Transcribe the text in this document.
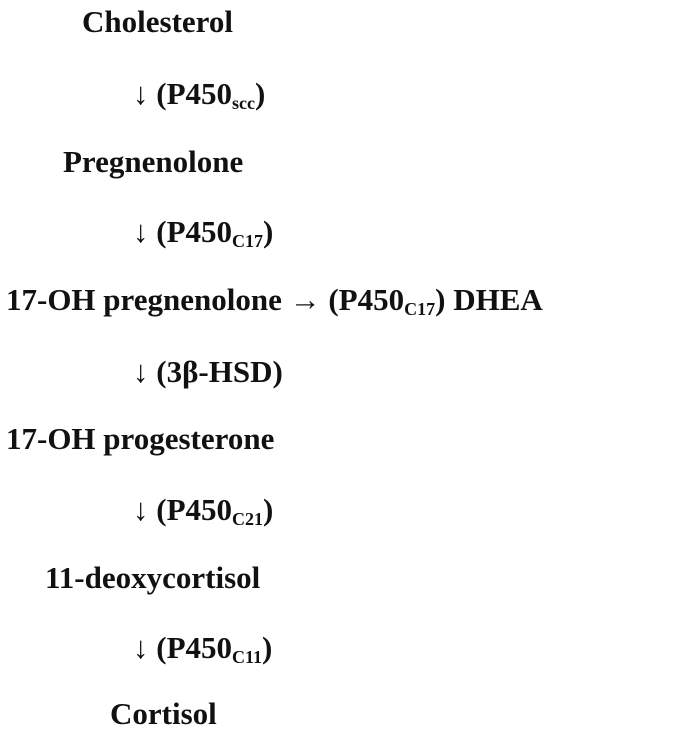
Cholesterol
↓ $(P450_{scc})$
Pregnenolone
↓ $(P450_{C17})$
17-OH pregnenolone → $(P450_{C17})$ DHEA
↓ (3β-HSD)
17-OH progesterone
↓ $(P450_{C21})$
11-deoxycortisol
↓ $(P450_{C11})$
Cortisol
